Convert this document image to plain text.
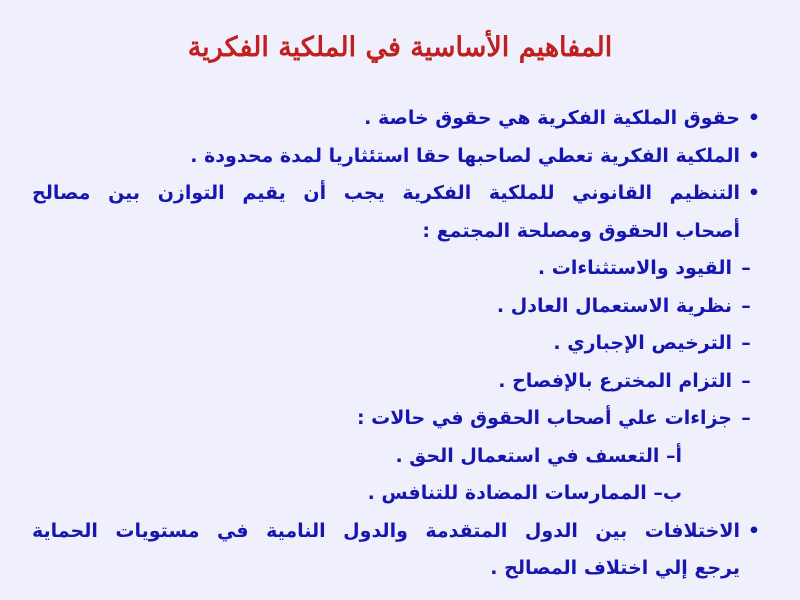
المفاهيم الأساسية في الملكية الفكرية
•
حقوق الملكية الفكرية هي حقوق خاصة .
•
الملكية الفكرية تعطي لصاحبها حقا استئثاريا لمدة محدودة .
•
التنظيم القانوني للملكية الفكرية يجب أن يقيم التوازن بين مصالح
أصحاب الحقوق ومصلحة المجتمع :
–
القيود والاستثناءات .
–
نظرية الاستعمال العادل .
–
الترخيص الإجباري .
–
التزام المخترع بالإفصاح .
–
جزاءات علي أصحاب الحقوق في حالات :
أ– التعسف في استعمال الحق .
ب– الممارسات المضادة للتنافس .
•
الاختلافات بين الدول المتقدمة والدول النامية في مستويات الحماية
يرجع إلي اختلاف المصالح .
